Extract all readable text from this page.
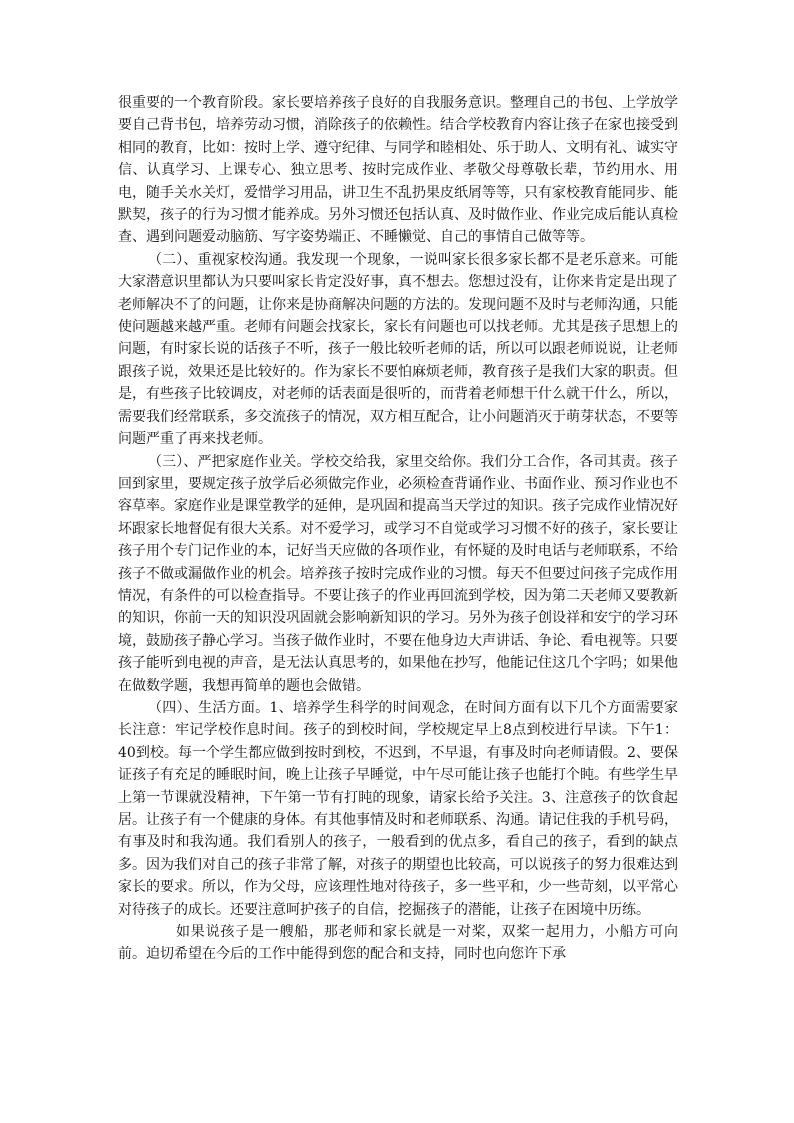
很重要的一个教育阶段。家长要培养孩子良好的自我服务意识。整理自己的书包、上学放学要自己背书包，培养劳动习惯，消除孩子的依赖性。结合学校教育内容让孩子在家也接受到相同的教育，比如：按时上学、遵守纪律、与同学和睦相处、乐于助人、文明有礼、诚实守信、认真学习、上课专心、独立思考、按时完成作业、孝敬父母尊敬长辈，节约用水、用电，随手关水关灯，爱惜学习用品，讲卫生不乱扔果皮纸屑等等，只有家校教育能同步、能默契，孩子的行为习惯才能养成。另外习惯还包括认真、及时做作业、作业完成后能认真检查、遇到问题爱动脑筋、写字姿势端正、不睡懒觉、自己的事情自己做等等。

（二）、重视家校沟通。我发现一个现象，一说叫家长很多家长都不是老乐意来。可能大家潜意识里都认为只要叫家长肯定没好事，真不想去。您想过没有，让你来肯定是出现了老师解决不了的问题，让你来是协商解决问题的方法的。发现问题不及时与老师沟通，只能使问题越来越严重。老师有问题会找家长，家长有问题也可以找老师。尤其是孩子思想上的问题，有时家长说的话孩子不听，孩子一般比较听老师的话，所以可以跟老师说说，让老师跟孩子说，效果还是比较好的。作为家长不要怕麻烦老师，教育孩子是我们大家的职责。但是，有些孩子比较调皮，对老师的话表面是很听的，而背着老师想干什么就干什么，所以，需要我们经常联系，多交流孩子的情况，双方相互配合，让小问题消灭于萌芽状态，不要等问题严重了再来找老师。

（三）、严把家庭作业关。学校交给我，家里交给你。我们分工合作，各司其责。孩子回到家里，要规定孩子放学后必须做完作业，必须检查背诵作业、书面作业、预习作业也不容草率。家庭作业是课堂教学的延伸，是巩固和提高当天学过的知识。孩子完成作业情况好坏跟家长地督促有很大关系。对不爱学习，或学习不自觉或学习习惯不好的孩子，家长要让孩子用个专门记作业的本，记好当天应做的各项作业，有怀疑的及时电话与老师联系，不给孩子不做或漏做作业的机会。培养孩子按时完成作业的习惯。每天不但要过问孩子完成作用情况，有条件的可以检查指导。不要让孩子的作业再回流到学校，因为第二天老师又要教新的知识，你前一天的知识没巩固就会影响新知识的学习。另外为孩子创设祥和安宁的学习环境，鼓励孩子静心学习。当孩子做作业时，不要在他身边大声讲话、争论、看电视等。只要孩子能听到电视的声音，是无法认真思考的，如果他在抄写，他能记住这几个字吗；如果他在做数学题，我想再简单的题也会做错。

（四）、生活方面。1、培养学生科学的时间观念，在时间方面有以下几个方面需要家长注意：牢记学校作息时间。孩子的到校时间，学校规定早上8点到校进行早读。下午1：40到校。每一个学生都应做到按时到校，不迟到，不早退，有事及时向老师请假。2、要保证孩子有充足的睡眠时间，晚上让孩子早睡觉，中午尽可能让孩子也能打个盹。有些学生早上第一节课就没精神，下午第一节有打盹的现象，请家长给予关注。3、注意孩子的饮食起居。让孩子有一个健康的身体。有其他事情及时和老师联系、沟通。请记住我的手机号码，有事及时和我沟通。我们看别人的孩子，一般看到的优点多，看自己的孩子，看到的缺点多。因为我们对自己的孩子非常了解，对孩子的期望也比较高，可以说孩子的努力很难达到家长的要求。所以，作为父母，应该理性地对待孩子，多一些平和，少一些苛刻，以平常心对待孩子的成长。还要注意呵护孩子的自信，挖掘孩子的潜能，让孩子在困境中历练。

如果说孩子是一艘船，那老师和家长就是一对桨，双桨一起用力，小船方可向前。迫切希望在今后的工作中能得到您的配合和支持，同时也向您许下承
